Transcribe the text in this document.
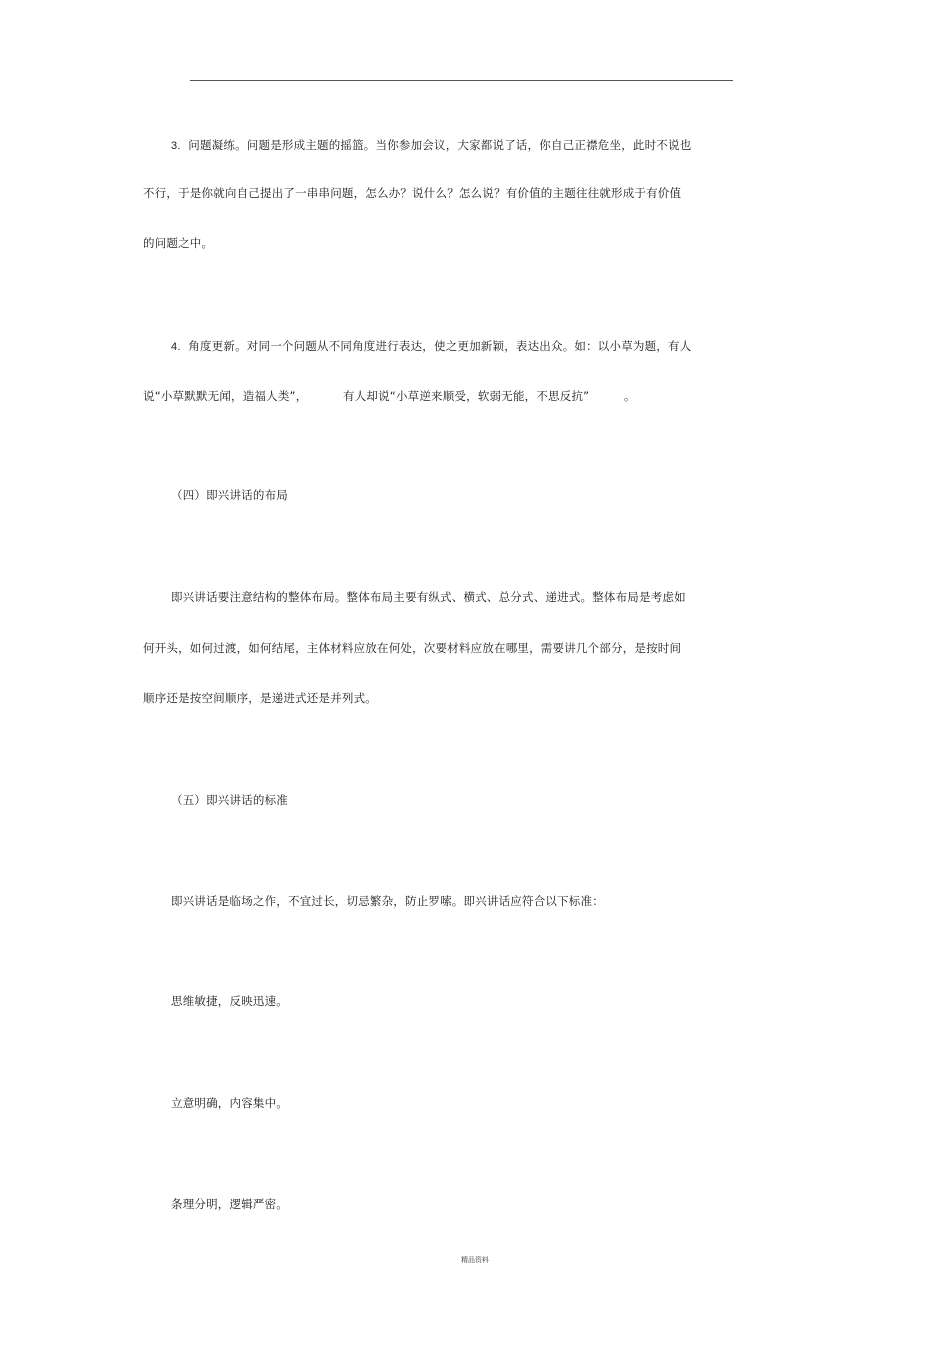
3. 问题凝练。问题是形成主题的摇篮。当你参加会议，大家都说了话，你自己正襟危坐，此时不说也
不行，于是你就向自己提出了一串串问题，怎么办？说什么？怎么说？有价值的主题往往就形成于有价值
的问题之中。
4. 角度更新。对同一个问题从不同角度进行表达，使之更加新颖，表达出众。如：以小草为题，有人
说“小草默默无闻，造福人类”，	有人却说“小草逆来顺受，软弱无能，不思反抗”	。
（四）即兴讲话的布局
即兴讲话要注意结构的整体布局。整体布局主要有纵式、横式、总分式、递进式。整体布局是考虑如
何开头，如何过渡，如何结尾，主体材料应放在何处，次要材料应放在哪里，需要讲几个部分，是按时间
顺序还是按空间顺序，是递进式还是并列式。
（五）即兴讲话的标准
即兴讲话是临场之作，不宜过长，切忌繁杂，防止罗嗦。即兴讲话应符合以下标准：
思维敏捷，反映迅速。
立意明确，内容集中。
条理分明，逻辑严密。
精品资料
